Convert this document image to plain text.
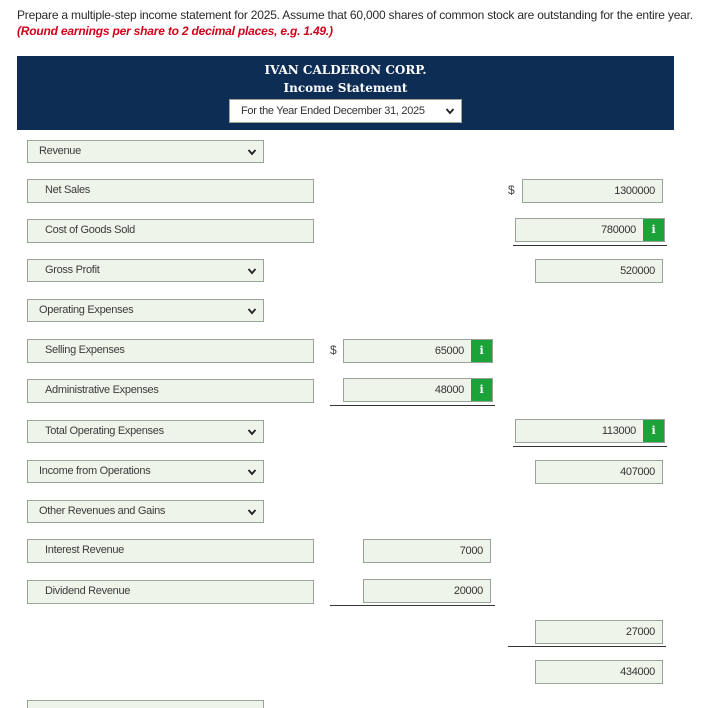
Prepare a multiple-step income statement for 2025. Assume that 60,000 shares of common stock are outstanding for the entire year. (Round earnings per share to 2 decimal places, e.g. 1.49.)
IVAN CALDERON CORP.
Income Statement
For the Year Ended December 31, 2025
Revenue
Net Sales	$	1300000
Cost of Goods Sold	780000	i
Gross Profit	520000
Operating Expenses
Selling Expenses	$	65000	i
Administrative Expenses	48000	i
Total Operating Expenses	113000	i
Income from Operations	407000
Other Revenues and Gains
Interest Revenue	7000
Dividend Revenue	20000
27000
434000
